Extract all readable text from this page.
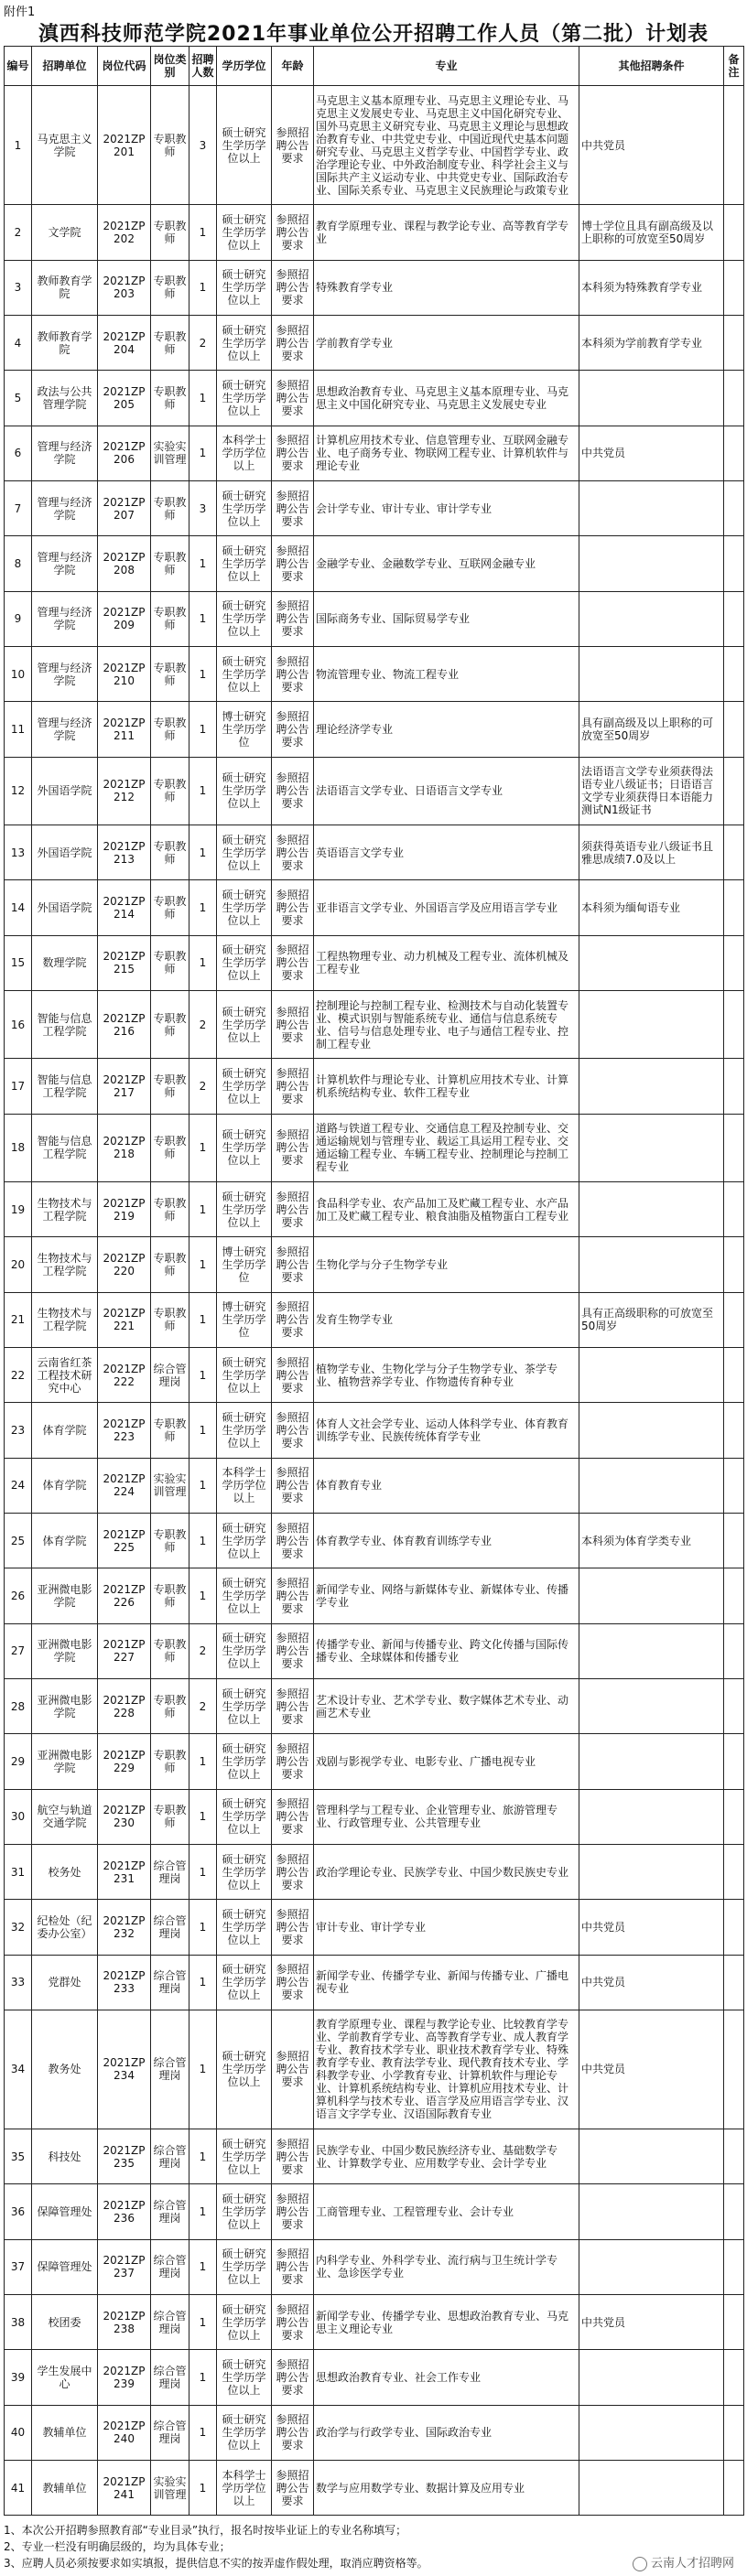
附件1
滇西科技师范学院2021年事业单位公开招聘工作人员（第二批）计划表
编号	招聘单位	岗位代码	岗位类别	招聘人数	学历学位	年龄	专业	其他招聘条件	备注
1	马克思主义学院	2021ZP201	专职教师	3	硕士研究生学历学位以上	参照招聘公告要求	马克思主义基本原理专业、马克思主义理论专业、马克思主义发展史专业、马克思主义中国化研究专业、国外马克思主义研究专业、马克思主义理论与思想政治教育专业、中共党史专业、中国近现代史基本问题研究专业、马克思主义哲学专业、中国哲学专业、政治学理论专业、中外政治制度专业、科学社会主义与国际共产主义运动专业、中共党史专业、国际政治专业、国际关系专业、马克思主义民族理论与政策专业	中共党员	
2	文学院	2021ZP202	专职教师	1	硕士研究生学历学位以上	参照招聘公告要求	教育学原理专业、课程与教学论专业、高等教育学专业	博士学位且具有副高级及以上职称的可放宽至50周岁	
3	教师教育学院	2021ZP203	专职教师	1	硕士研究生学历学位以上	参照招聘公告要求	特殊教育学专业	本科须为特殊教育学专业	
4	教师教育学院	2021ZP204	专职教师	2	硕士研究生学历学位以上	参照招聘公告要求	学前教育学专业	本科须为学前教育学专业	
5	政法与公共管理学院	2021ZP205	专职教师	1	硕士研究生学历学位以上	参照招聘公告要求	思想政治教育专业、马克思主义基本原理专业、马克思主义中国化研究专业、马克思主义发展史专业		
6	管理与经济学院	2021ZP206	实验实训管理	1	本科学士学历学位以上	参照招聘公告要求	计算机应用技术专业、信息管理专业、互联网金融专业、电子商务专业、物联网工程专业、计算机软件与理论专业	中共党员	
7	管理与经济学院	2021ZP207	专职教师	3	硕士研究生学历学位以上	参照招聘公告要求	会计学专业、审计专业、审计学专业		
8	管理与经济学院	2021ZP208	专职教师	1	硕士研究生学历学位以上	参照招聘公告要求	金融学专业、金融数学专业、互联网金融专业		
9	管理与经济学院	2021ZP209	专职教师	1	硕士研究生学历学位以上	参照招聘公告要求	国际商务专业、国际贸易学专业		
10	管理与经济学院	2021ZP210	专职教师	1	硕士研究生学历学位以上	参照招聘公告要求	物流管理专业、物流工程专业		
11	管理与经济学院	2021ZP211	专职教师	1	博士研究生学历学位	参照招聘公告要求	理论经济学专业	具有副高级及以上职称的可放宽至50周岁	
12	外国语学院	2021ZP212	专职教师	1	硕士研究生学历学位以上	参照招聘公告要求	法语语言文学专业、日语语言文学专业	法语语言文学专业须获得法语专业八级证书；日语语言文学专业须获得日本语能力测试N1级证书	
13	外国语学院	2021ZP213	专职教师	1	硕士研究生学历学位以上	参照招聘公告要求	英语语言文学专业	须获得英语专业八级证书且雅思成绩7.0及以上	
14	外国语学院	2021ZP214	专职教师	1	硕士研究生学历学位以上	参照招聘公告要求	亚非语言文学专业、外国语言学及应用语言学专业	本科须为缅甸语专业	
15	数理学院	2021ZP215	专职教师	1	硕士研究生学历学位以上	参照招聘公告要求	工程热物理专业、动力机械及工程专业、流体机械及工程专业		
16	智能与信息工程学院	2021ZP216	专职教师	2	硕士研究生学历学位以上	参照招聘公告要求	控制理论与控制工程专业、检测技术与自动化装置专业、模式识别与智能系统专业、通信与信息系统专业、信号与信息处理专业、电子与通信工程专业、控制工程专业		
17	智能与信息工程学院	2021ZP217	专职教师	2	硕士研究生学历学位以上	参照招聘公告要求	计算机软件与理论专业、计算机应用技术专业、计算机系统结构专业、软件工程专业		
18	智能与信息工程学院	2021ZP218	专职教师	1	硕士研究生学历学位以上	参照招聘公告要求	道路与铁道工程专业、交通信息工程及控制专业、交通运输规划与管理专业、载运工具运用工程专业、交通运输工程专业、车辆工程专业、控制理论与控制工程专业		
19	生物技术与工程学院	2021ZP219	专职教师	1	硕士研究生学历学位以上	参照招聘公告要求	食品科学专业、农产品加工及贮藏工程专业、水产品加工及贮藏工程专业、粮食油脂及植物蛋白工程专业		
20	生物技术与工程学院	2021ZP220	专职教师	1	博士研究生学历学位	参照招聘公告要求	生物化学与分子生物学专业		
21	生物技术与工程学院	2021ZP221	专职教师	1	博士研究生学历学位	参照招聘公告要求	发育生物学专业	具有正高级职称的可放宽至50周岁	
22	云南省红茶工程技术研究中心	2021ZP222	综合管理岗	1	硕士研究生学历学位以上	参照招聘公告要求	植物学专业、生物化学与分子生物学专业、茶学专业、植物营养学专业、作物遗传育种专业		
23	体育学院	2021ZP223	专职教师	1	硕士研究生学历学位以上	参照招聘公告要求	体育人文社会学专业、运动人体科学专业、体育教育训练学专业、民族传统体育学专业		
24	体育学院	2021ZP224	实验实训管理	1	本科学士学历学位以上	参照招聘公告要求	体育教育专业		
25	体育学院	2021ZP225	专职教师	1	硕士研究生学历学位以上	参照招聘公告要求	体育教学专业、体育教育训练学专业	本科须为体育学类专业	
26	亚洲微电影学院	2021ZP226	专职教师	1	硕士研究生学历学位以上	参照招聘公告要求	新闻学专业、网络与新媒体专业、新媒体专业、传播学专业		
27	亚洲微电影学院	2021ZP227	专职教师	2	硕士研究生学历学位以上	参照招聘公告要求	传播学专业、新闻与传播专业、跨文化传播与国际传播专业、全球媒体和传播专业		
28	亚洲微电影学院	2021ZP228	专职教师	2	硕士研究生学历学位以上	参照招聘公告要求	艺术设计专业、艺术学专业、数字媒体艺术专业、动画艺术专业		
29	亚洲微电影学院	2021ZP229	专职教师	1	硕士研究生学历学位以上	参照招聘公告要求	戏剧与影视学专业、电影专业、广播电视专业		
30	航空与轨道交通学院	2021ZP230	专职教师	1	硕士研究生学历学位以上	参照招聘公告要求	管理科学与工程专业、企业管理专业、旅游管理专业、行政管理专业、公共管理专业		
31	校务处	2021ZP231	综合管理岗	1	硕士研究生学历学位以上	参照招聘公告要求	政治学理论专业、民族学专业、中国少数民族史专业		
32	纪检处（纪委办公室）	2021ZP232	综合管理岗	1	硕士研究生学历学位以上	参照招聘公告要求	审计专业、审计学专业	中共党员	
33	党群处	2021ZP233	综合管理岗	1	硕士研究生学历学位以上	参照招聘公告要求	新闻学专业、传播学专业、新闻与传播专业、广播电视专业	中共党员	
34	教务处	2021ZP234	综合管理岗	1	硕士研究生学历学位以上	参照招聘公告要求	教育学原理专业、课程与教学论专业、比较教育学专业、学前教育学专业、高等教育学专业、成人教育学专业、教育技术学专业、职业技术教育学专业、特殊教育学专业、教育法学专业、现代教育技术专业、学科教学专业、小学教育专业、计算机软件与理论专业、计算机系统结构专业、计算机应用技术专业、计算机科学与技术专业、语言学及应用语言学专业、汉语言文字学专业、汉语国际教育专业	中共党员	
35	科技处	2021ZP235	综合管理岗	1	硕士研究生学历学位以上	参照招聘公告要求	民族学专业、中国少数民族经济专业、基础数学专业、计算数学专业、应用数学专业、会计学专业		
36	保障管理处	2021ZP236	综合管理岗	1	硕士研究生学历学位以上	参照招聘公告要求	工商管理专业、工程管理专业、会计专业		
37	保障管理处	2021ZP237	综合管理岗	1	硕士研究生学历学位以上	参照招聘公告要求	内科学专业、外科学专业、流行病与卫生统计学专业、急诊医学专业		
38	校团委	2021ZP238	综合管理岗	1	硕士研究生学历学位以上	参照招聘公告要求	新闻学专业、传播学专业、思想政治教育专业、马克思主义理论专业	中共党员	
39	学生发展中心	2021ZP239	综合管理岗	1	硕士研究生学历学位以上	参照招聘公告要求	思想政治教育专业、社会工作专业		
40	教辅单位	2021ZP240	综合管理岗	1	硕士研究生学历学位以上	参照招聘公告要求	政治学与行政学专业、国际政治专业		
41	教辅单位	2021ZP241	实验实训管理	1	本科学士学历学位以上	参照招聘公告要求	数学与应用数学专业、数据计算及应用专业		
1、本次公开招聘参照教育部“专业目录”执行，报名时按毕业证上的专业名称填写；
2、专业一栏没有明确层级的，均为具体专业；
3、应聘人员必须按要求如实填报，提供信息不实的按弄虚作假处理，取消应聘资格等。	云南人才招聘网
